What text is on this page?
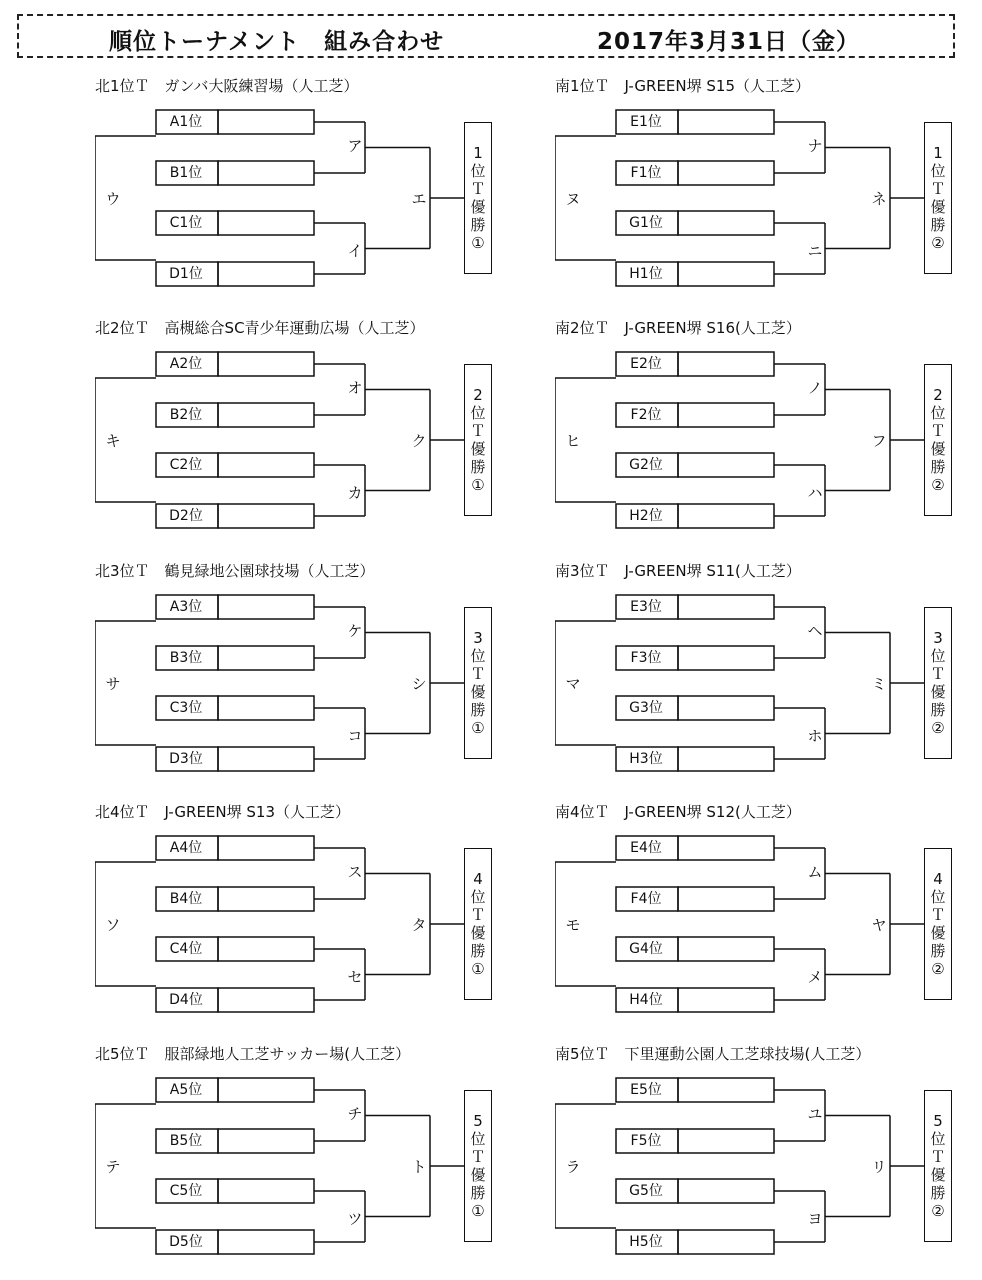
順位トーナメント　組み合わせ	2017年3月31日（金）
北1位Ｔ　ガンバ大阪練習場（人工芝）
A1位
B1位
C1位
D1位
ア
イ
ウ	エ
1
位
Ｔ
優
勝
①
南1位Ｔ　J-GREEN堺 S15（人工芝）
E1位
F1位
G1位
H1位
ナ
ニ
ヌ	ネ
1
位
Ｔ
優
勝
②
北2位Ｔ　高槻総合SC青少年運動広場（人工芝）
A2位
B2位
C2位
D2位
オ
カ
キ	ク
2
位
Ｔ
優
勝
①
南2位Ｔ　J-GREEN堺 S16(人工芝）
E2位
F2位
G2位
H2位
ノ
ハ
ヒ	フ
2
位
Ｔ
優
勝
②
北3位Ｔ　鶴見緑地公園球技場（人工芝）
A3位
B3位
C3位
D3位
ケ
コ
サ	シ
3
位
Ｔ
優
勝
①
南3位Ｔ　J-GREEN堺 S11(人工芝）
E3位
F3位
G3位
H3位
ヘ
ホ
マ	ミ
3
位
Ｔ
優
勝
②
北4位Ｔ　J-GREEN堺 S13（人工芝）
A4位
B4位
C4位
D4位
ス
セ
ソ	タ
4
位
Ｔ
優
勝
①
南4位Ｔ　J-GREEN堺 S12(人工芝）
E4位
F4位
G4位
H4位
ム
メ
モ	ヤ
4
位
Ｔ
優
勝
②
北5位Ｔ　服部緑地人工芝サッカー場(人工芝）
A5位
B5位
C5位
D5位
チ
ツ
テ	ト
5
位
Ｔ
優
勝
①
南5位Ｔ　下里運動公園人工芝球技場(人工芝）
E5位
F5位
G5位
H5位
ユ
ヨ
ラ	リ
5
位
Ｔ
優
勝
②
